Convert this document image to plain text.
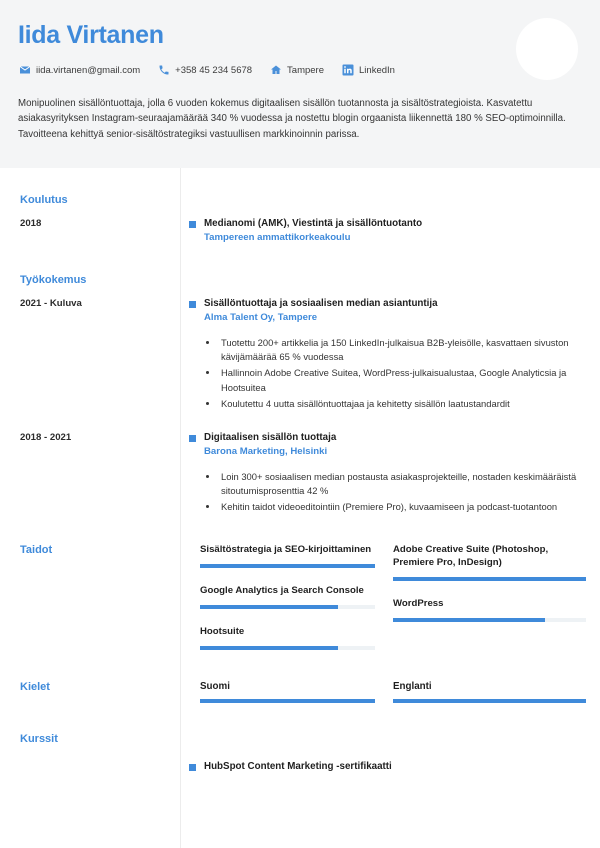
Iida Virtanen
iida.virtanen@gmail.com	+358 45 234 5678	Tampere	LinkedIn
Monipuolinen sisällöntuottaja, jolla 6 vuoden kokemus digitaalisen sisällön tuotannosta ja sisältöstrategioista. Kasvatettu asiakasyrityksen Instagram-seuraajamäärää 340 % vuodessa ja nostettu blogin orgaanista liikennettä 180 % SEO-optimoinnilla. Tavoitteena kehittyä senior-sisältöstrategiksi vastuullisen markkinoinnin parissa.
Koulutus
2018	Medianomi (AMK), Viestintä ja sisällöntuotanto
Tampereen ammattikorkeakoulu
Työkokemus
2021 - Kuluva	Sisällöntuottaja ja sosiaalisen median asiantuntija
Alma Talent Oy, Tampere
• Tuotettu 200+ artikkelia ja 150 LinkedIn-julkaisua B2B-yleisölle, kasvattaen sivuston kävijämäärää 65 % vuodessa
• Hallinnoin Adobe Creative Suitea, WordPress-julkaisualustaa, Google Analyticsia ja Hootsuitea
• Koulutettu 4 uutta sisällöntuottajaa ja kehitetty sisällön laatustandardit
2018 - 2021	Digitaalisen sisällön tuottaja
Barona Marketing, Helsinki
• Loin 300+ sosiaalisen median postausta asiakasprojekteille, nostaden keskimääräistä sitoutumisprosenttia 42 %
• Kehitin taidot videoeditointiin (Premiere Pro), kuvaamiseen ja podcast-tuotantoon
Taidot	Sisältöstrategia ja SEO-kirjoittaminen
Google Analytics ja Search Console
Hootsuite
Adobe Creative Suite (Photoshop, Premiere Pro, InDesign)
WordPress
Kielet	Suomi	Englanti
Kurssit
HubSpot Content Marketing -sertifikaatti
